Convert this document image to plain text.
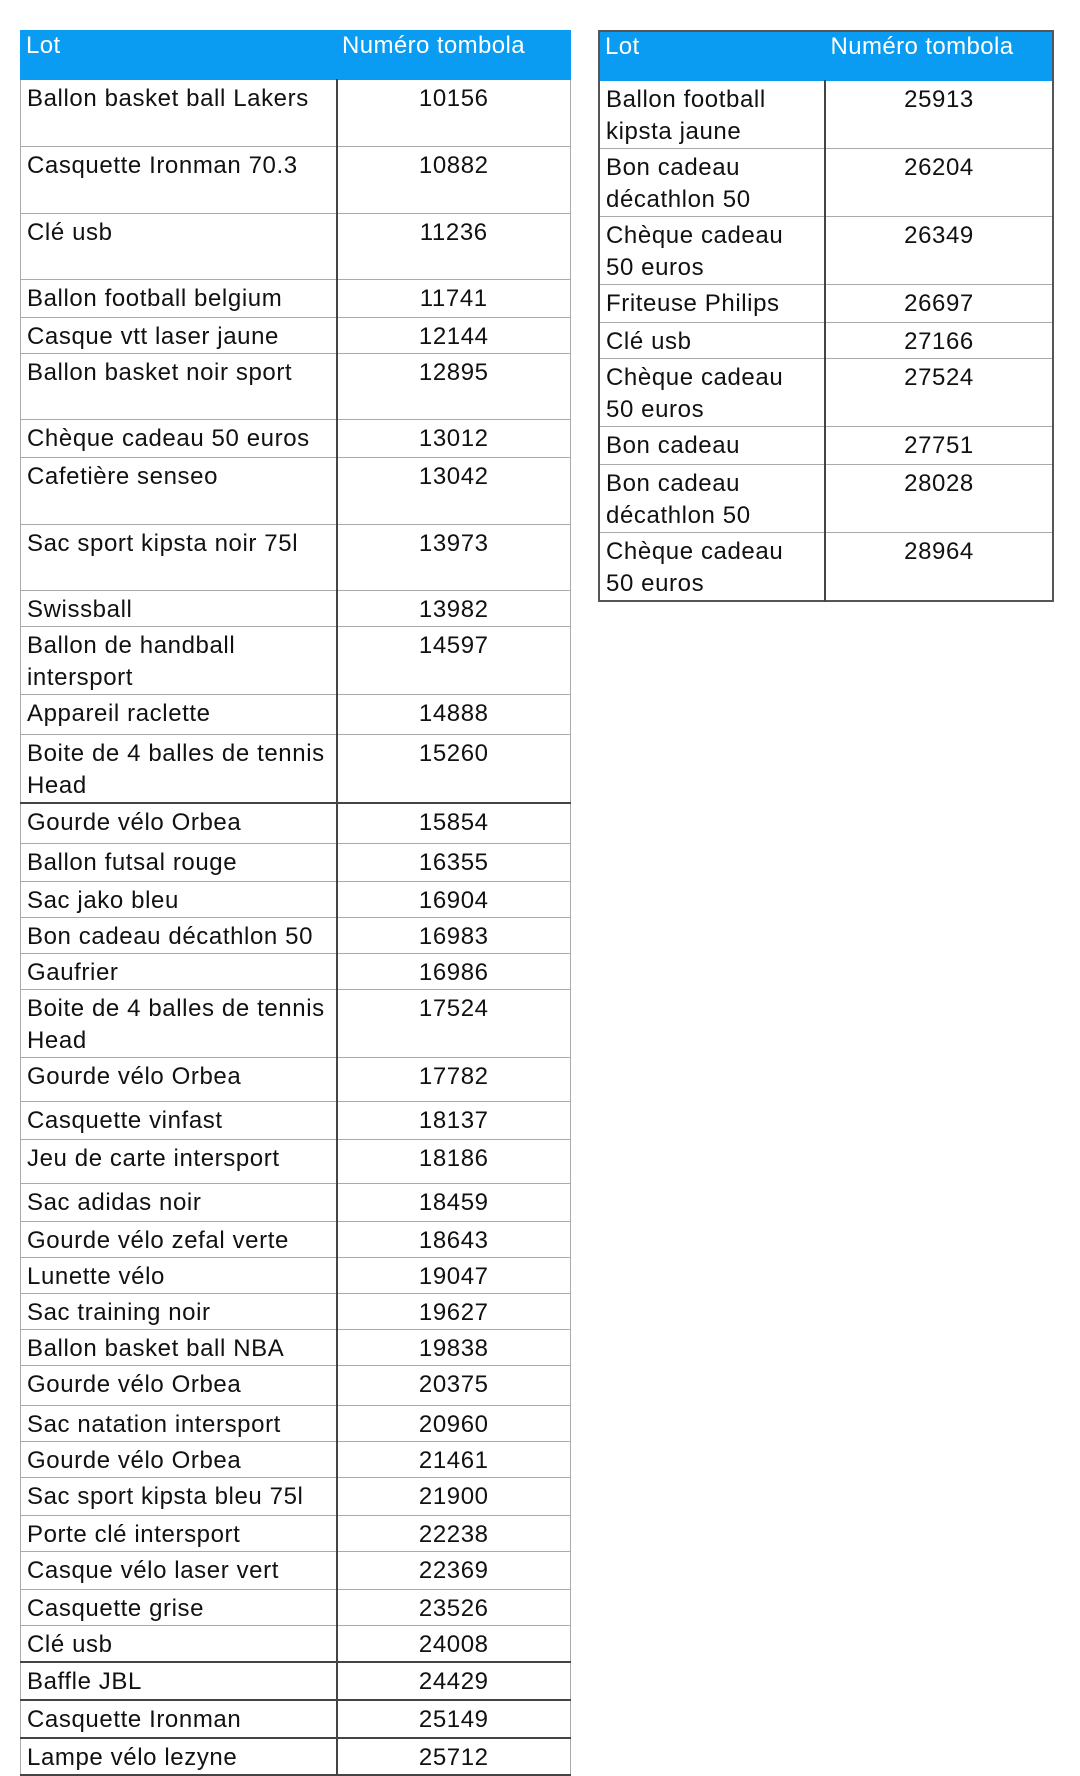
Lot	Numéro tombola
Ballon basket ball Lakers	10156
Casquette Ironman 70.3	10882
Clé usb	11236
Ballon football belgium	11741
Casque vtt laser jaune	12144
Ballon basket noir sport	12895
Chèque cadeau 50 euros	13012
Cafetière senseo	13042
Sac sport kipsta noir 75l	13973
Swissball	13982
Ballon de handball intersport	14597
Appareil raclette	14888
Boite de 4 balles de tennis Head	15260
Gourde vélo Orbea	15854
Ballon futsal rouge	16355
Sac jako bleu	16904
Bon cadeau décathlon 50	16983
Gaufrier	16986
Boite de 4 balles de tennis Head	17524
Gourde vélo Orbea	17782
Casquette vinfast	18137
Jeu de carte intersport	18186
Sac adidas noir	18459
Gourde vélo zefal verte	18643
Lunette vélo	19047
Sac training noir	19627
Ballon basket ball NBA	19838
Gourde vélo Orbea	20375
Sac natation intersport	20960
Gourde vélo Orbea	21461
Sac sport kipsta bleu 75l	21900
Porte clé intersport	22238
Casque vélo laser vert	22369
Casquette grise	23526
Clé usb	24008
Baffle JBL	24429
Casquette Ironman	25149
Lampe vélo lezyne	25712
Lot	Numéro tombola
Ballon football kipsta jaune	25913
Bon cadeau décathlon 50	26204
Chèque cadeau 50 euros	26349
Friteuse Philips	26697
Clé usb	27166
Chèque cadeau 50 euros	27524
Bon cadeau	27751
Bon cadeau décathlon 50	28028
Chèque cadeau 50 euros	28964
